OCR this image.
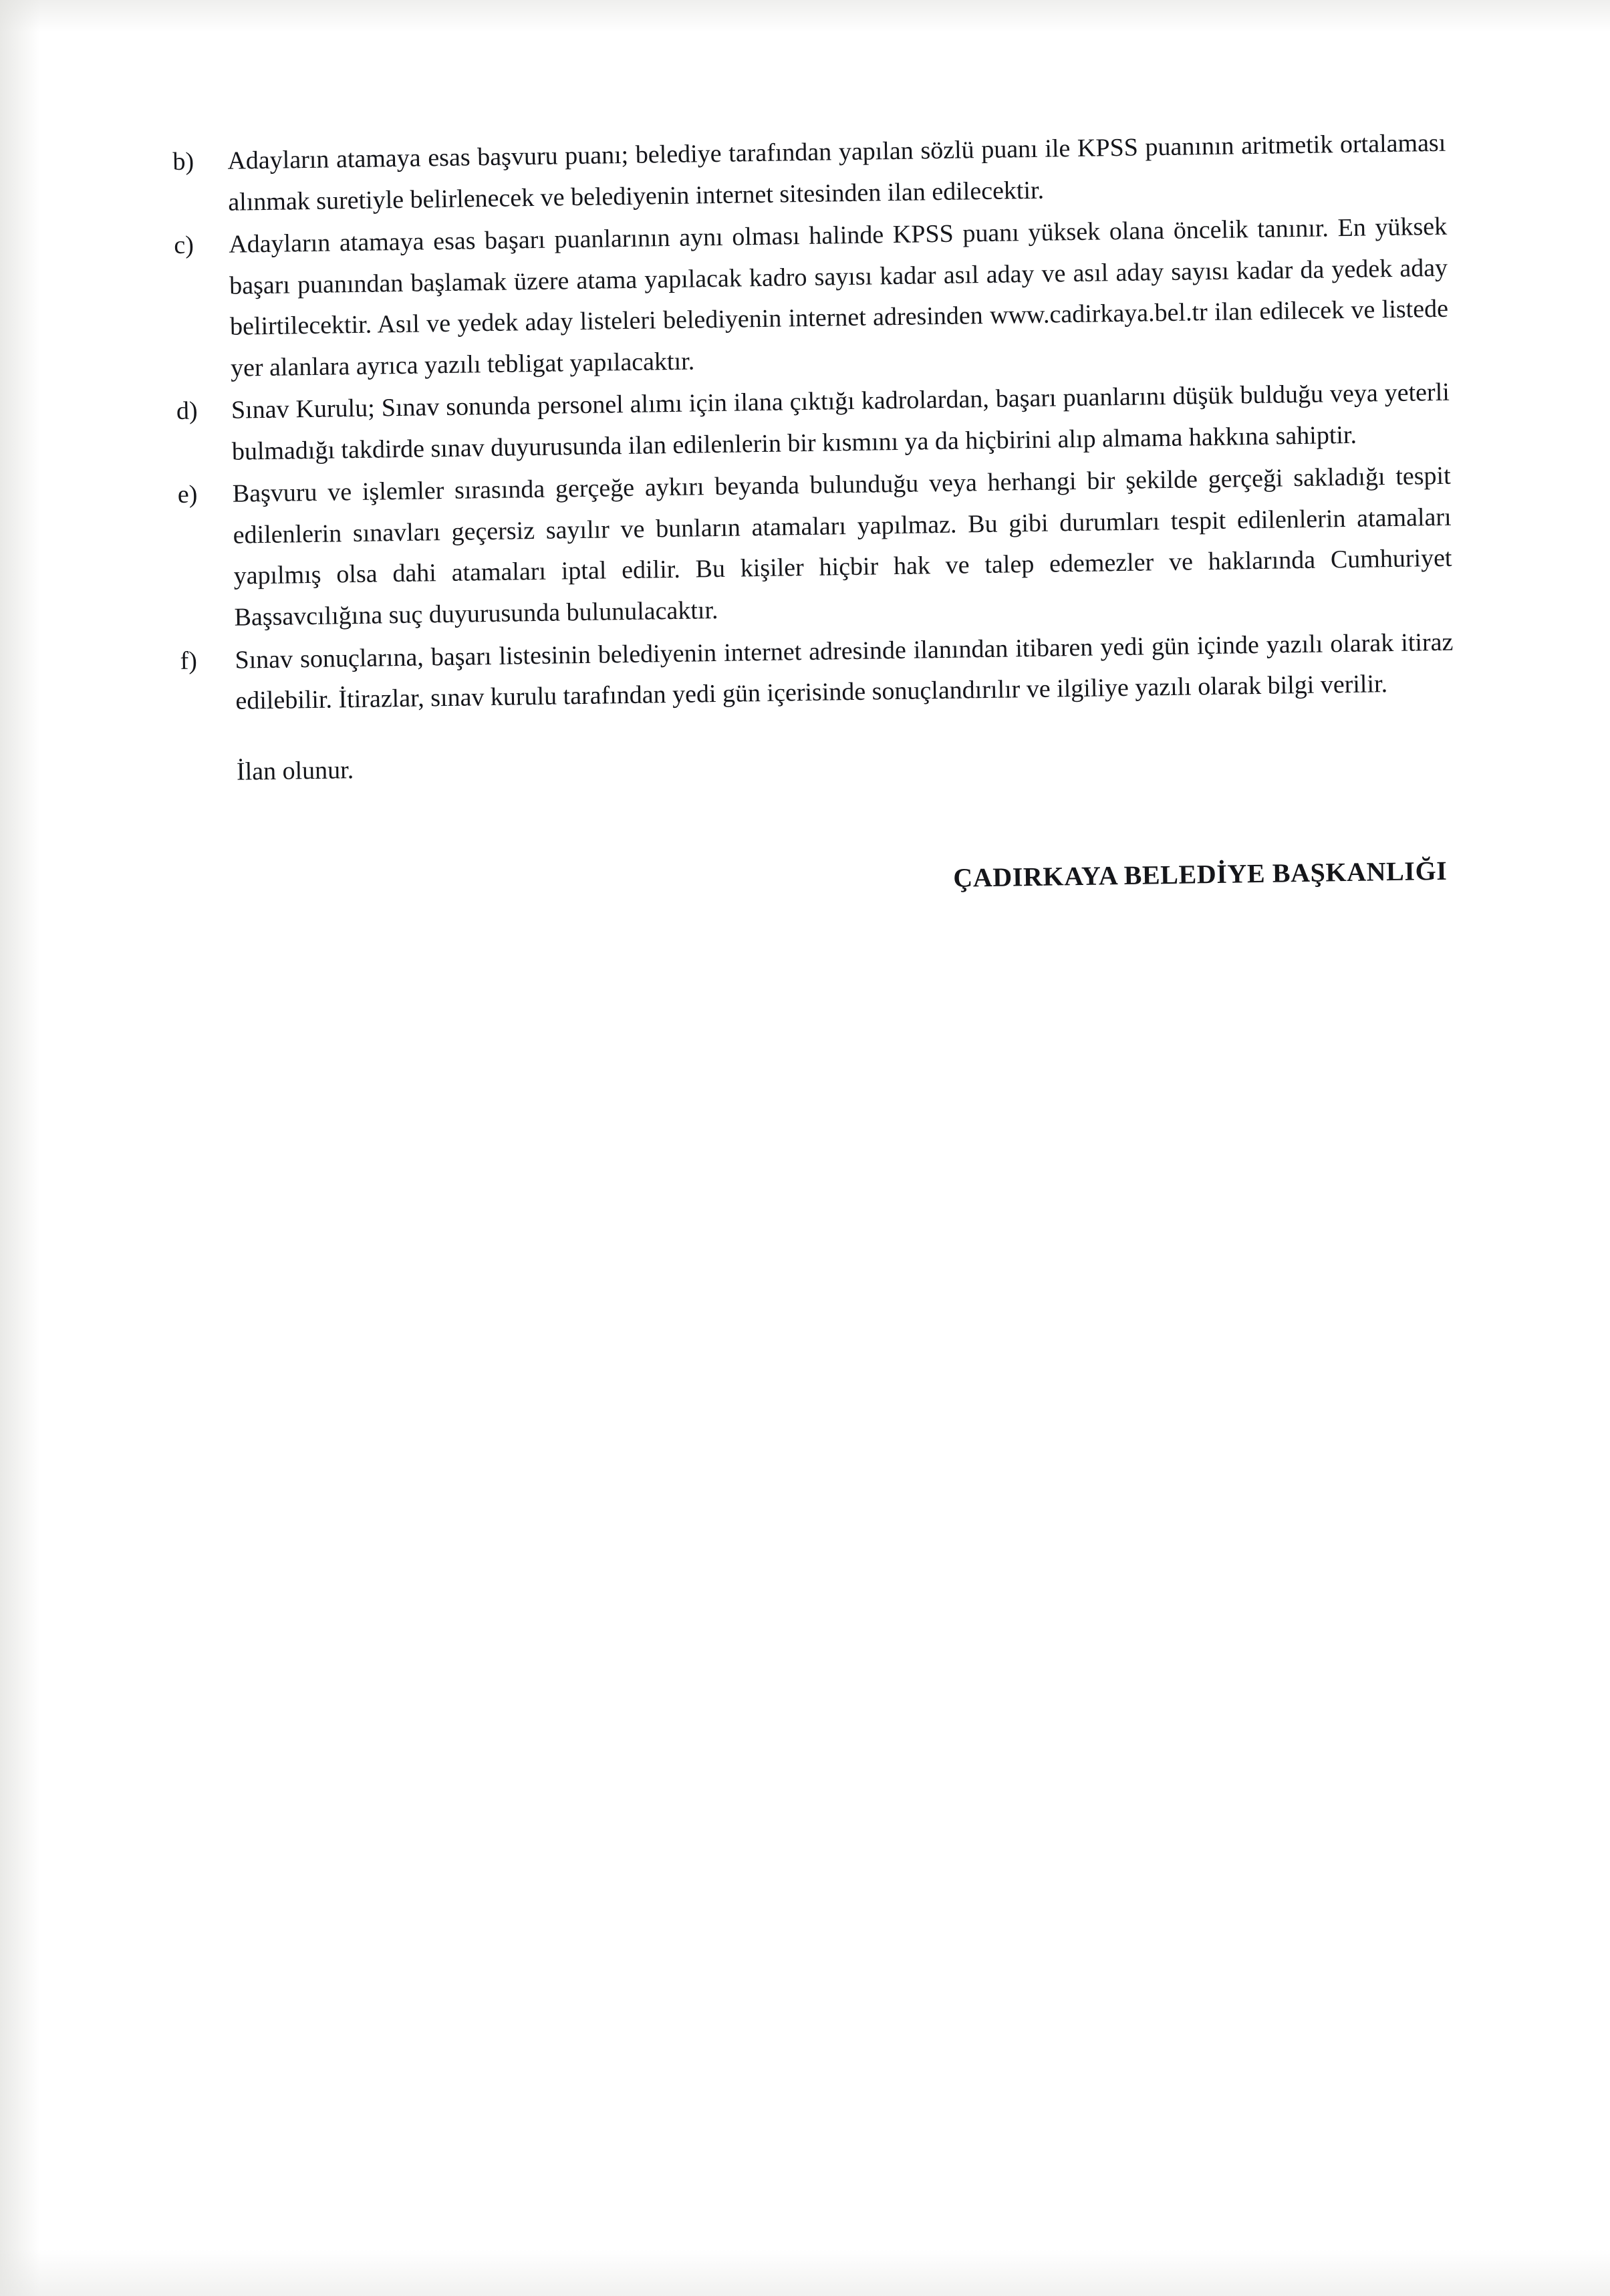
b)	Adayların atamaya esas başvuru puanı; belediye tarafından yapılan sözlü puanı ile KPSS puanının aritmetik ortalaması alınmak suretiyle belirlenecek ve belediyenin internet sitesinden ilan edilecektir.
c)	Adayların atamaya esas başarı puanlarının aynı olması halinde KPSS puanı yüksek olana öncelik tanınır. En yüksek başarı puanından başlamak üzere atama yapılacak kadro sayısı kadar asıl aday ve asıl aday sayısı kadar da yedek aday belirtilecektir. Asıl ve yedek aday listeleri belediyenin internet adresinden www.cadirkaya.bel.tr ilan edilecek ve listede yer alanlara ayrıca yazılı tebligat yapılacaktır.
d)	Sınav Kurulu; Sınav sonunda personel alımı için ilana çıktığı kadrolardan, başarı puanlarını düşük bulduğu veya yeterli bulmadığı takdirde sınav duyurusunda ilan edilenlerin bir kısmını ya da hiçbirini alıp almama hakkına sahiptir.
e)	Başvuru ve işlemler sırasında gerçeğe aykırı beyanda bulunduğu veya herhangi bir şekilde gerçeği sakladığı tespit edilenlerin sınavları geçersiz sayılır ve bunların atamaları yapılmaz. Bu gibi durumları tespit edilenlerin atamaları yapılmış olsa dahi atamaları iptal edilir. Bu kişiler hiçbir hak ve talep edemezler ve haklarında Cumhuriyet Başsavcılığına suç duyurusunda bulunulacaktır.
f)	Sınav sonuçlarına, başarı listesinin belediyenin internet adresinde ilanından itibaren yedi gün içinde yazılı olarak itiraz edilebilir. İtirazlar, sınav kurulu tarafından yedi gün içerisinde sonuçlandırılır ve ilgiliye yazılı olarak bilgi verilir.
İlan olunur.
ÇADIRKAYA BELEDİYE BAŞKANLIĞI
